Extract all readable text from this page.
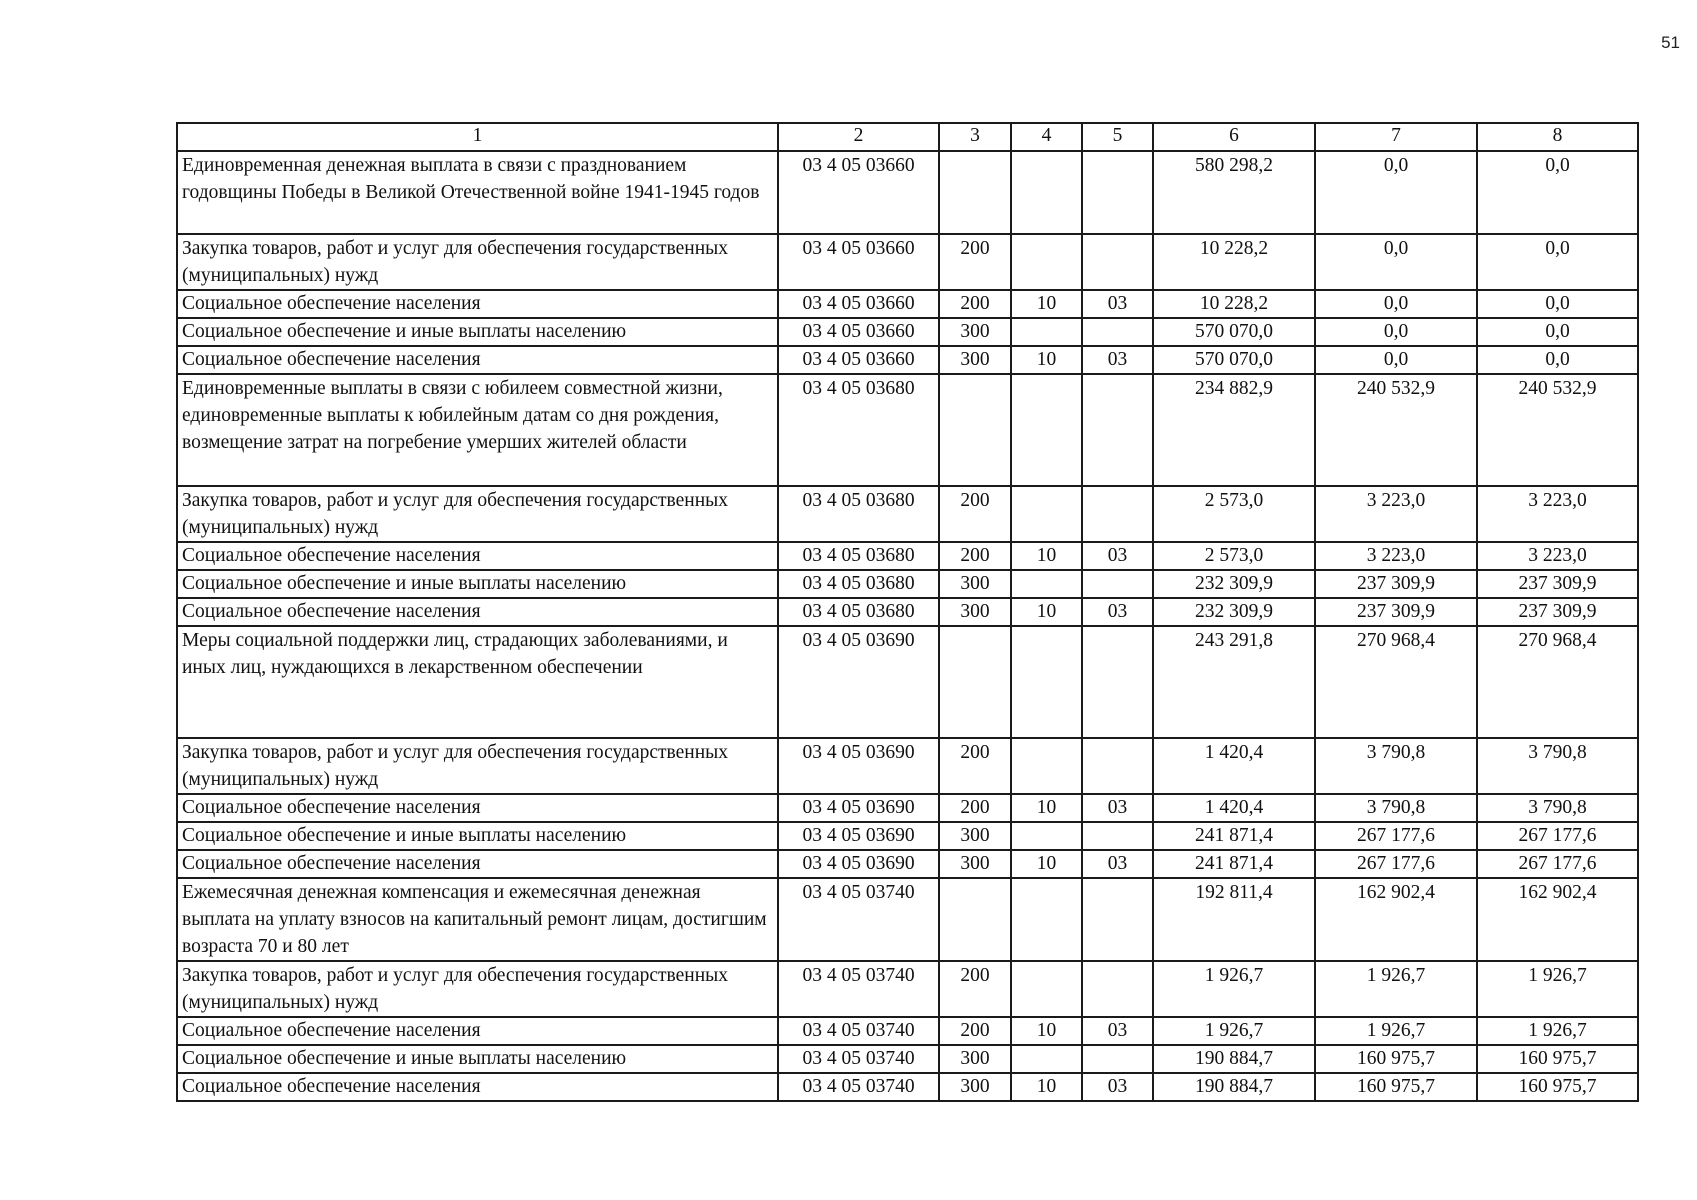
51
1	2	3	4	5	6	7	8
Единовременная денежная выплата в связи с празднованием годовщины Победы в Великой Отечественной войне 1941-1945 годов	03 4 05 03660				580 298,2	0,0	0,0
Закупка товаров, работ и услуг для обеспечения государственных (муниципальных) нужд	03 4 05 03660	200			10 228,2	0,0	0,0
Социальное обеспечение населения	03 4 05 03660	200	10	03	10 228,2	0,0	0,0
Социальное обеспечение и иные выплаты населению	03 4 05 03660	300			570 070,0	0,0	0,0
Социальное обеспечение населения	03 4 05 03660	300	10	03	570 070,0	0,0	0,0
Единовременные выплаты в связи с юбилеем совместной жизни, единовременные выплаты к юбилейным датам со дня рождения, возмещение затрат на погребение умерших жителей области	03 4 05 03680				234 882,9	240 532,9	240 532,9
Закупка товаров, работ и услуг для обеспечения государственных (муниципальных) нужд	03 4 05 03680	200			2 573,0	3 223,0	3 223,0
Социальное обеспечение населения	03 4 05 03680	200	10	03	2 573,0	3 223,0	3 223,0
Социальное обеспечение и иные выплаты населению	03 4 05 03680	300			232 309,9	237 309,9	237 309,9
Социальное обеспечение населения	03 4 05 03680	300	10	03	232 309,9	237 309,9	237 309,9
Меры социальной поддержки лиц, страдающих заболеваниями, и иных лиц, нуждающихся в лекарственном обеспечении	03 4 05 03690				243 291,8	270 968,4	270 968,4
Закупка товаров, работ и услуг для обеспечения государственных (муниципальных) нужд	03 4 05 03690	200			1 420,4	3 790,8	3 790,8
Социальное обеспечение населения	03 4 05 03690	200	10	03	1 420,4	3 790,8	3 790,8
Социальное обеспечение и иные выплаты населению	03 4 05 03690	300			241 871,4	267 177,6	267 177,6
Социальное обеспечение населения	03 4 05 03690	300	10	03	241 871,4	267 177,6	267 177,6
Ежемесячная денежная компенсация и ежемесячная денежная выплата на уплату взносов на капитальный ремонт лицам, достигшим возраста 70 и 80 лет	03 4 05 03740				192 811,4	162 902,4	162 902,4
Закупка товаров, работ и услуг для обеспечения государственных (муниципальных) нужд	03 4 05 03740	200			1 926,7	1 926,7	1 926,7
Социальное обеспечение населения	03 4 05 03740	200	10	03	1 926,7	1 926,7	1 926,7
Социальное обеспечение и иные выплаты населению	03 4 05 03740	300			190 884,7	160 975,7	160 975,7
Социальное обеспечение населения	03 4 05 03740	300	10	03	190 884,7	160 975,7	160 975,7
